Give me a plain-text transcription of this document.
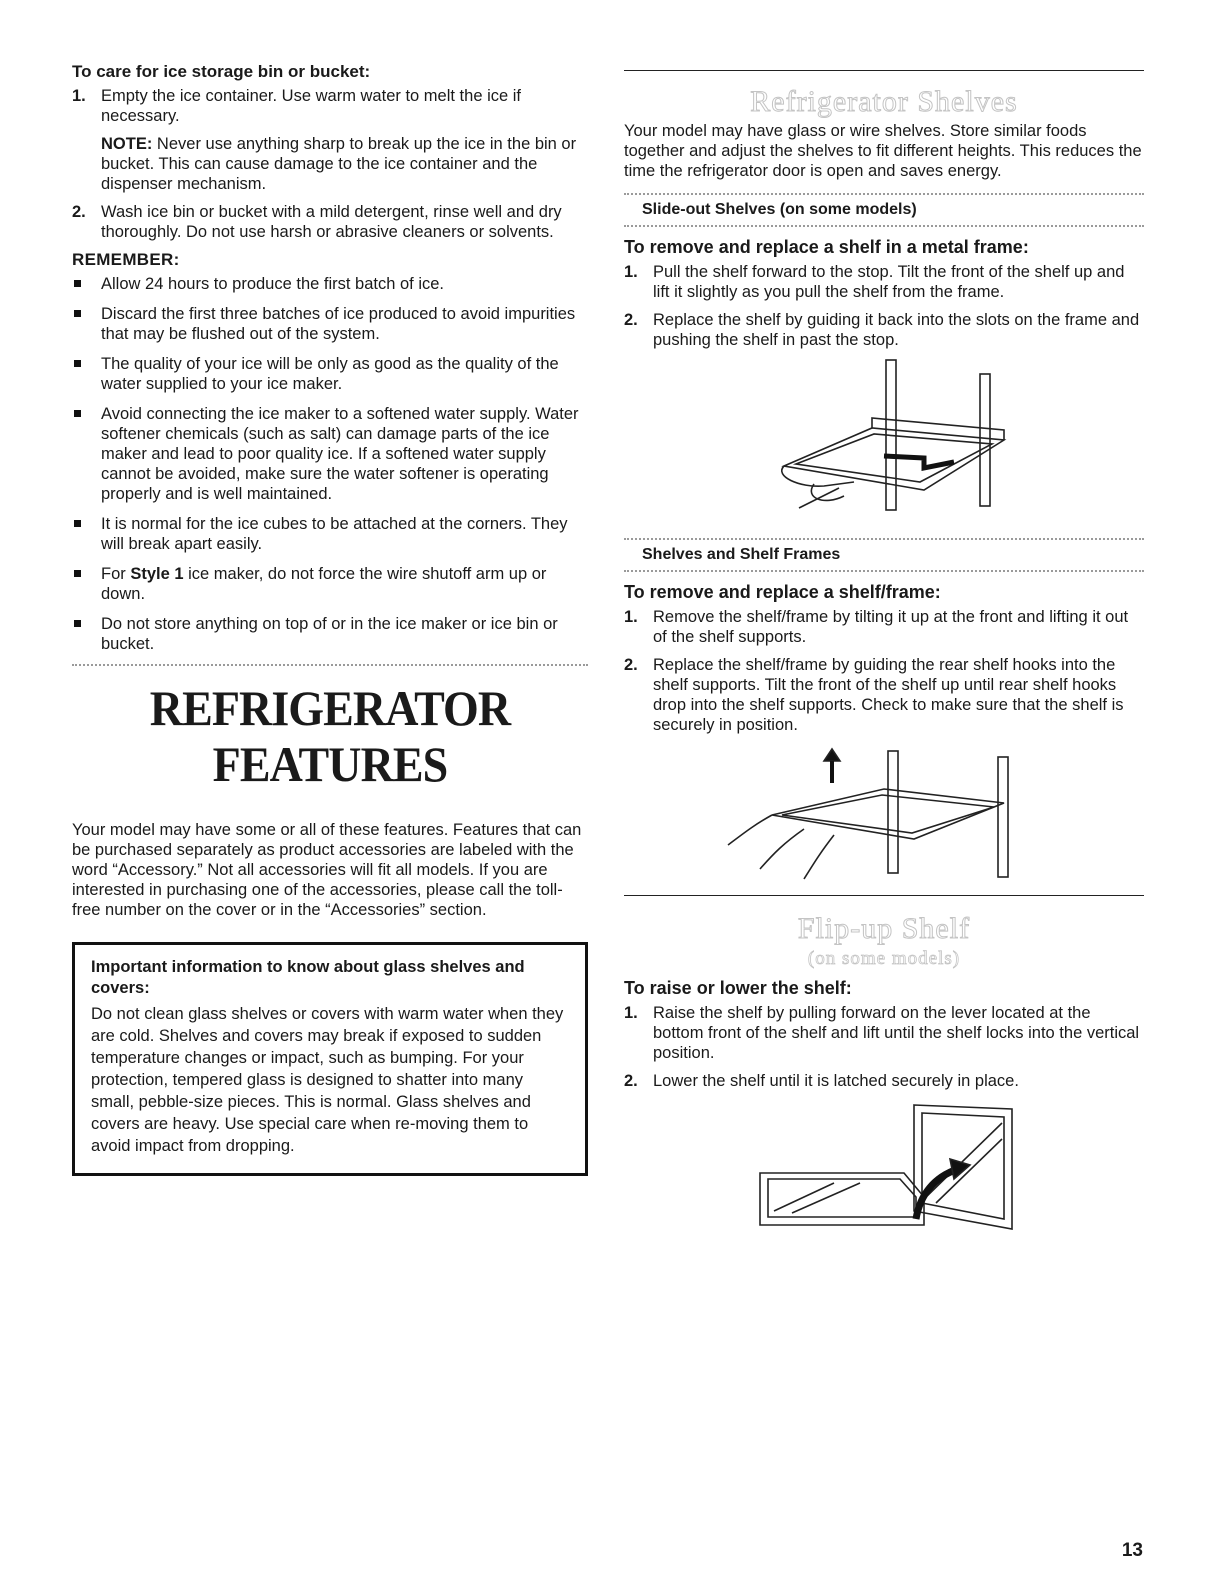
To care for ice storage bin or bucket:
1. Empty the ice container. Use warm water to melt the ice if necessary.
NOTE: Never use anything sharp to break up the ice in the bin or bucket. This can cause damage to the ice container and the dispenser mechanism.
2. Wash ice bin or bucket with a mild detergent, rinse well and dry thoroughly. Do not use harsh or abrasive cleaners or solvents.
REMEMBER:
Allow 24 hours to produce the first batch of ice.
Discard the first three batches of ice produced to avoid impurities that may be flushed out of the system.
The quality of your ice will be only as good as the quality of the water supplied to your ice maker.
Avoid connecting the ice maker to a softened water supply. Water softener chemicals (such as salt) can damage parts of the ice maker and lead to poor quality ice. If a softened water supply cannot be avoided, make sure the water softener is operating properly and is well maintained.
It is normal for the ice cubes to be attached at the corners. They will break apart easily.
For Style 1 ice maker, do not force the wire shutoff arm up or down.
Do not store anything on top of or in the ice maker or ice bin or bucket.
REFRIGERATOR
FEATURES

Your model may have some or all of these features. Features that can be purchased separately as product accessories are labeled with the word “Accessory.” Not all accessories will fit all models. If you are interested in purchasing one of the accessories, please call the toll-free number on the cover or in the “Accessories” section.

Important information to know about glass shelves and covers:

Do not clean glass shelves or covers with warm water when they are cold. Shelves and covers may break if exposed to sudden temperature changes or impact, such as bumping. For your protection, tempered glass is designed to shatter into many small, pebble-size pieces. This is normal. Glass shelves and covers are heavy. Use special care when re-moving them to avoid impact from dropping.

Refrigerator Shelves

Your model may have glass or wire shelves. Store similar foods together and adjust the shelves to fit different heights. This reduces the time the refrigerator door is open and saves energy.

Slide-out Shelves (on some models)
To remove and replace a shelf in a metal frame:
1. Pull the shelf forward to the stop. Tilt the front of the shelf up and lift it slightly as you pull the shelf from the frame.
2. Replace the shelf by guiding it back into the slots on the frame and pushing the shelf in past the stop.
Shelves and Shelf Frames
To remove and replace a shelf/frame:
1. Remove the shelf/frame by tilting it up at the front and lifting it out of the shelf supports.
2. Replace the shelf/frame by guiding the rear shelf hooks into the shelf supports. Tilt the front of the shelf up until rear shelf hooks drop into the shelf supports. Check to make sure that the shelf is securely in position.
Flip-up Shelf
(on some models)
To raise or lower the shelf:
1. Raise the shelf by pulling forward on the lever located at the bottom front of the shelf and lift until the shelf locks into the vertical position.
2. Lower the shelf until it is latched securely in place.
13
